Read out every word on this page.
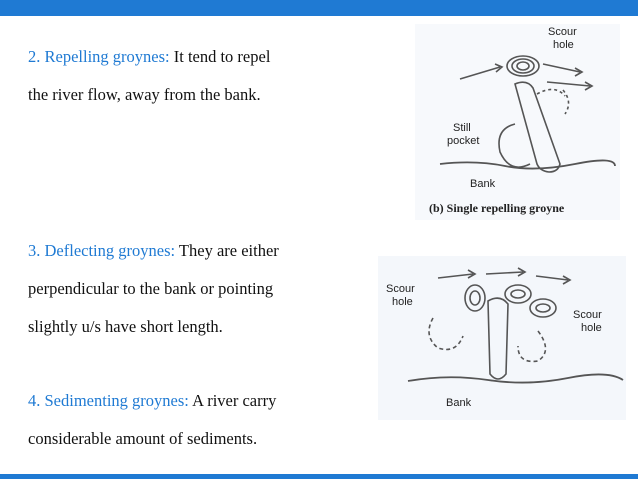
2. Repelling groynes: It tend to repel
the river flow, away from the bank.

3. Deflecting groynes: They are either
perpendicular to the bank or pointing
slightly u/s have short length.

4. Sedimenting groynes: A river carry
considerable amount of sediments.

Scour
hole
Still
pocket
Bank
(b) Single repelling groyne
Scour
hole
Scour
hole
Bank
